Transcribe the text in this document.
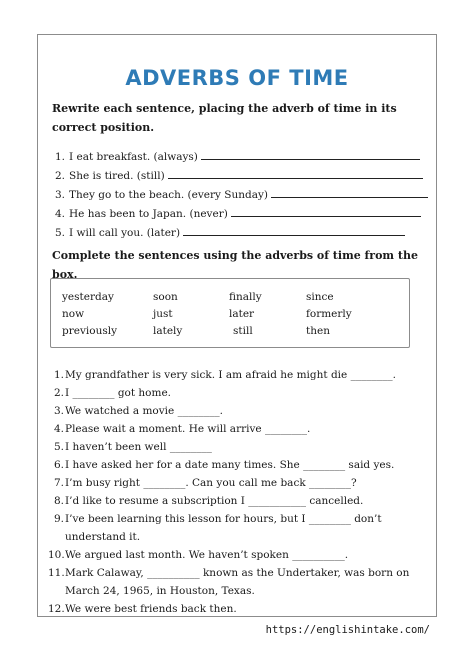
ADVERBS OF TIME
Rewrite each sentence, placing the adverb of time in its correct position.
1. I eat breakfast. (always)
2. She is tired. (still)
3. They go to the beach. (every Sunday)
4. He has been to Japan. (never)
5. I will call you. (later)
Complete the sentences using the adverbs of time from the box.
yesterday	soon	finally	since
now	just	later	formerly
previously	lately	still	then
1. My grandfather is very sick. I am afraid he might die ________.
2. I ________ got home.
3. We watched a movie ________.
4. Please wait a moment. He will arrive ________.
5. I haven’t been well ________
6. I have asked her for a date many times. She ________ said yes.
7. I’m busy right ________. Can you call me back ________?
8. I’d like to resume a subscription I ___________ cancelled.
9. I’ve been learning this lesson for hours, but I ________ don’t understand it.
10. We argued last month. We haven’t spoken __________.
11. Mark Calaway, __________ known as the Undertaker, was born on March 24, 1965, in Houston, Texas.
12. We were best friends back then.
https://englishintake.com/
